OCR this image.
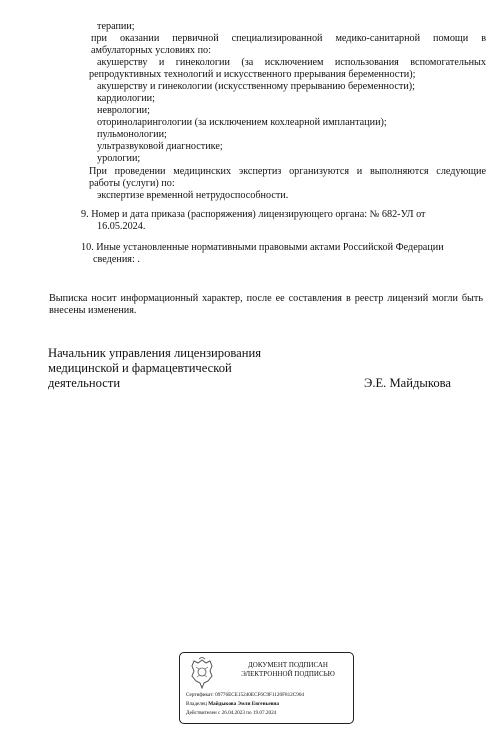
терапии;
при оказании первичной специализированной медико-санитарной помощи в
амбулаторных условиях по:
акушерству и гинекологии (за исключением использования вспомогательных
репродуктивных технологий и искусственного прерывания беременности);
акушерству и гинекологии (искусственному прерыванию беременности);
кардиологии;
неврологии;
оториноларингологии (за исключением кохлеарной имплантации);
пульмонологии;
ультразвуковой диагностике;
урологии;
При проведении медицинских экспертиз организуются и выполняются следующие
работы (услуги) по:
экспертизе временной нетрудоспособности.
9. Номер и дата приказа (распоряжения) лицензирующего органа: № 682-УЛ от
16.05.2024.
10. Иные установленные нормативными правовыми актами Российской Федерации
сведения: .
Выписка носит информационный характер, после ее составления в реестр лицензий могли быть
внесены изменения.
Начальник управления лицензирования
медицинской и фармацевтической
деятельности	Э.Е. Майдыкова
ДОКУМЕНТ ПОДПИСАН
ЭЛЕКТРОННОЙ ПОДПИСЬЮ
Сертификат: 09776ECE15240ECF6C9F1120F812C904
Владелец Майдыкова Эмли Евгеньевна
Действителен с 26.04.2023 по 19.07.2024
